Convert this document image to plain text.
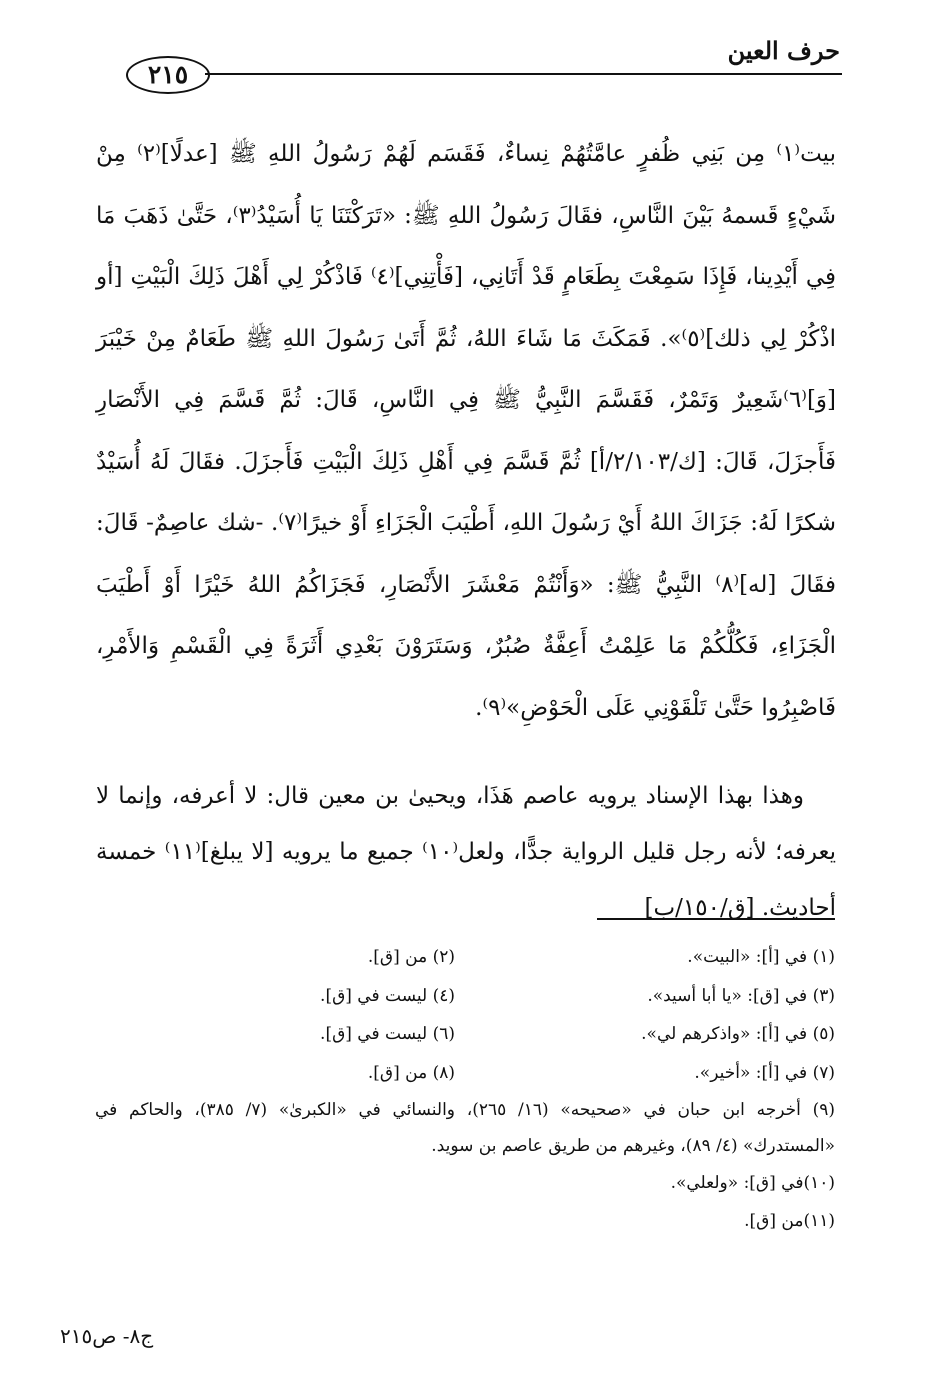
حرف العين
٢١٥

بيت⁽١⁾ مِن بَنِي ظُفرٍ عامَّتُهُمْ نِساءٌ، فَقَسَم لَهُمْ رَسُولُ اللهِ ﷺ [عدلًا]⁽٢⁾ مِنْ شَيْءٍ قَسمهُ بَيْنَ النَّاسِ، فقَالَ رَسُولُ اللهِ ﷺ: «تَرَكْتَنَا يَا أُسَيْدُ⁽٣⁾، حَتَّىٰ ذَهَبَ مَا فِي أَيْدِينا، فَإِذَا سَمِعْتَ بِطَعَامٍ قَدْ أَتَانِي، [فَأْتِنِي]⁽٤⁾ فَاذْكُرْ لِي أَهْلَ ذَلِكَ الْبَيْتِ [أو اذْكُرْ لِي ذلك]⁽٥⁾». فَمَكَثَ مَا شَاءَ اللهُ، ثُمَّ أَتَىٰ رَسُولَ اللهِ ﷺ طَعَامٌ مِنْ خَيْبَرَ [وَ]⁽٦⁾شَعِيرٌ وَتَمْرٌ، فَقَسَّمَ النَّبِيُّ ﷺ فِي النَّاسِ، قَالَ: ثُمَّ قَسَّمَ فِي الأَنْصَارِ فَأَجزَلَ، قَالَ: [ك/٢/١٠٣/أ] ثُمَّ قَسَّمَ فِي أَهْلِ ذَلِكَ الْبَيْتِ فَأَجزَلَ. فقَالَ لَهُ أُسَيْدٌ شكرًا لَهُ: جَزَاكَ اللهُ أَيْ رَسُولَ اللهِ، أَطْيَبَ الْجَزَاءِ أَوْ خيرًا⁽٧⁾. -شك عاصِمٌ- قَالَ: فقَالَ [له]⁽٨⁾ النَّبِيُّ ﷺ: «وَأَنْتُمْ مَعْشَرَ الأَنْصَارِ، فَجَزَاكُمُ اللهُ خَيْرًا أَوْ أَطْيَبَ الْجَزَاءِ، فَكُلُّكُمْ مَا عَلِمْتُ أَعِفَّةٌ صُبُرٌ، وَسَتَرَوْنَ بَعْدِي أَثَرَةً فِي الْقَسْمِ وَالأَمْرِ، فَاصْبِرُوا حَتَّىٰ تَلْقَوْنِي عَلَى الْحَوْضِ»⁽٩⁾.

وهذا بهذا الإسناد يرويه عاصم هَذَا، ويحيىٰ بن معين قال: لا أعرفه، وإنما لا يعرفه؛ لأنه رجل قليل الرواية جدًّا، ولعل⁽١٠⁾ جميع ما يرويه [لا يبلغ]⁽١١⁾ خمسة أحاديث. [ق/١٥٠/ب]

(١) في [أ]: «البيت».
(٢) من [ق].
(٣) في [ق]: «يا أبا أسيد».
(٤) ليست في [ق].
(٥) في [أ]: «واذكرهم لي».
(٦) ليست في [ق].
(٧) في [أ]: «أخير».
(٨) من [ق].

(٩) أخرجه ابن حبان في «صحيحه» (١٦/ ٢٦٥)، والنسائي في «الكبرىٰ» (٧/ ٣٨٥)، والحاكم في «المستدرك» (٤/ ٨٩)، وغيرهم من طريق عاصم بن سويد.

(١٠)في [ق]: «ولعلي».
(١١)من [ق].
ج٨- ص٢١٥
